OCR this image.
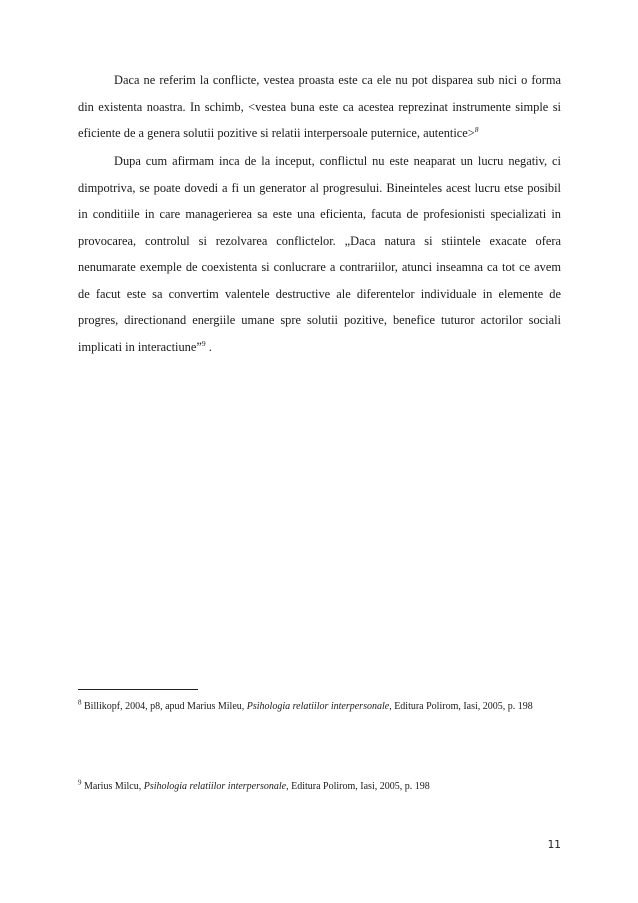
Daca ne referim la conflicte, vestea proasta este ca ele nu pot disparea sub nici o forma din existenta noastra. In schimb, <vestea buna este ca acestea reprezinat instrumente simple si eficiente de a genera solutii pozitive si relatii interpersoale puternice, autentice>$^8$

Dupa cum afirmam inca de la inceput, conflictul nu este neaparat un lucru negativ, ci dimpotriva, se poate dovedi a fi un generator al progresului. Bineinteles acest lucru etse posibil in conditiile in care managerierea sa este una eficienta, facuta de profesionisti specializati in provocarea, controlul si rezolvarea conflictelor. „Daca natura si stiintele exacate ofera nenumarate exemple de coexistenta si conlucrare a contrariilor, atunci inseamna ca tot ce avem de facut este sa convertim valentele destructive ale diferentelor individuale in elemente de progres, directionand energiile umane spre solutii pozitive, benefice tuturor actorilor sociali implicati in interactiune”$^9$ .

$^8$ Billikopf, 2004, p8, apud Marius Mileu, Psihologia relatiilor interpersonale, Editura Polirom, Iasi, 2005, p. 198

$^9$ Marius Milcu, Psihologia relatiilor interpersonale, Editura Polirom, Iasi, 2005, p. 198

11
